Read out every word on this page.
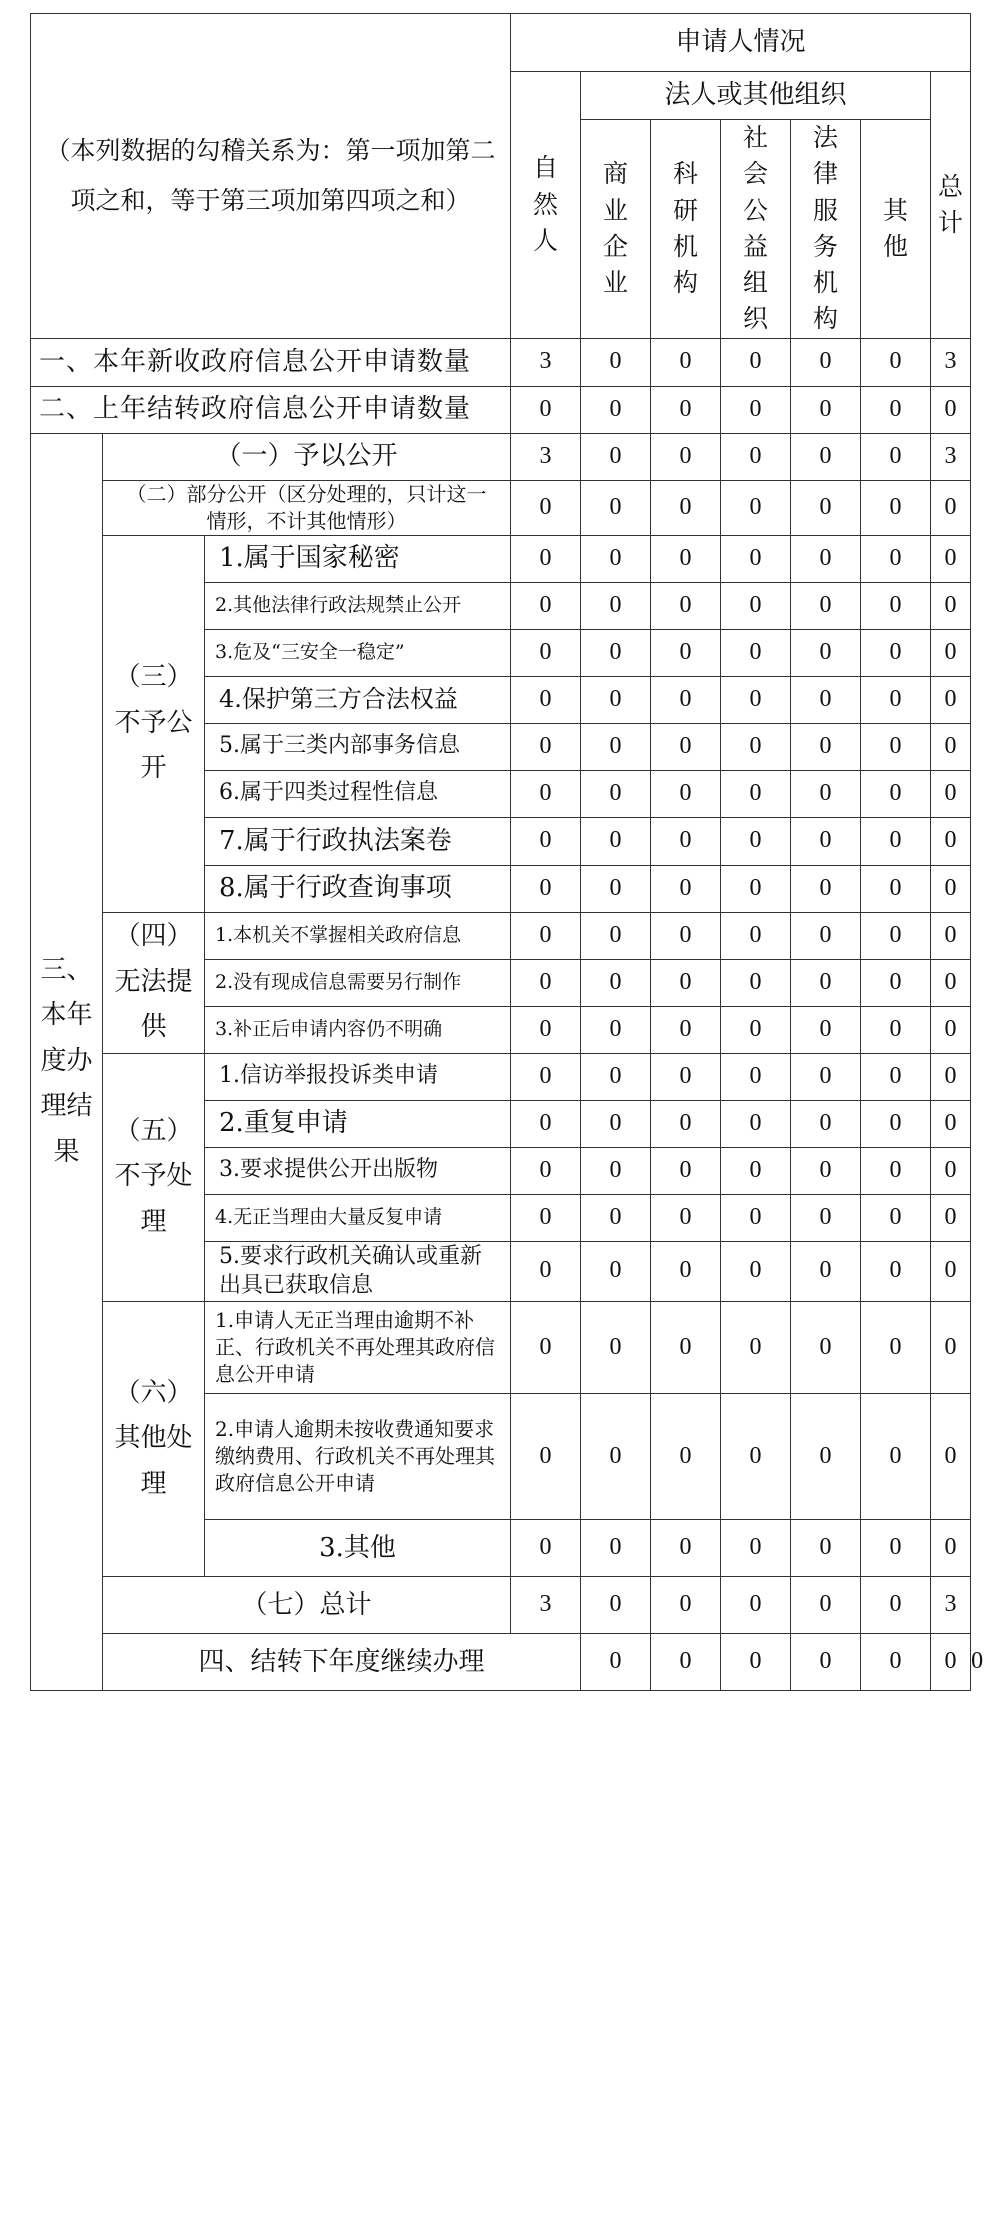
（本列数据的勾稽关系为：第一项加第二项之和，等于第三项加第四项之和）			申请人情况							
			自然人	法人或其他组织					总计	
				商业企业	科研机构	社会公益组织	法律服务机构	其他		
一、本年新收政府信息公开申请数量			3	0	0	0	0	0	3	
二、上年结转政府信息公开申请数量			0	0	0	0	0	0	0	
三、本年度办理结果	（一）予以公开		3	0	0	0	0	0	3	
	（二）部分公开（区分处理的，只计这一情形，不计其他情形）		0	0	0	0	0	0	0	
	（三）不予公开	1.属于国家秘密	0	0	0	0	0	0	0	
		2.其他法律行政法规禁止公开	0	0	0	0	0	0	0	
		3.危及“三安全一稳定”	0	0	0	0	0	0	0	
		4.保护第三方合法权益	0	0	0	0	0	0	0	
		5.属于三类内部事务信息	0	0	0	0	0	0	0	
		6.属于四类过程性信息	0	0	0	0	0	0	0	
		7.属于行政执法案卷	0	0	0	0	0	0	0	
		8.属于行政查询事项	0	0	0	0	0	0	0	
	（四）无法提供	1.本机关不掌握相关政府信息	0	0	0	0	0	0	0	
		2.没有现成信息需要另行制作	0	0	0	0	0	0	0	
		3.补正后申请内容仍不明确	0	0	0	0	0	0	0	
	（五）不予处理	1.信访举报投诉类申请	0	0	0	0	0	0	0	
		2.重复申请	0	0	0	0	0	0	0	
		3.要求提供公开出版物	0	0	0	0	0	0	0	
		4.无正当理由大量反复申请	0	0	0	0	0	0	0	
		5.要求行政机关确认或重新出具已获取信息	0	0	0	0	0	0	0	
	（六）其他处理	1.申请人无正当理由逾期不补正、行政机关不再处理其政府信息公开申请	0	0	0	0	0	0	0	
		2.申请人逾期未按收费通知要求缴纳费用、行政机关不再处理其政府信息公开申请	0	0	0	0	0	0	0	
		3.其他	0	0	0	0	0	0	0	
	（七）总计		3	0	0	0	0	0	3	
	四、结转下年度继续办理			0	0	0	0	0	0	0
